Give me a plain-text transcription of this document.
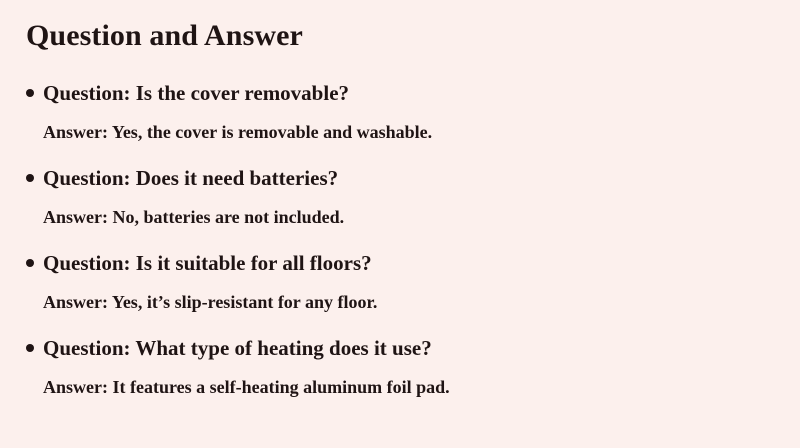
Question and Answer
Question: Is the cover removable?
Answer: Yes, the cover is removable and washable.
Question: Does it need batteries?
Answer: No, batteries are not included.
Question: Is it suitable for all floors?
Answer: Yes, it’s slip-resistant for any floor.
Question: What type of heating does it use?
Answer: It features a self-heating aluminum foil pad.
